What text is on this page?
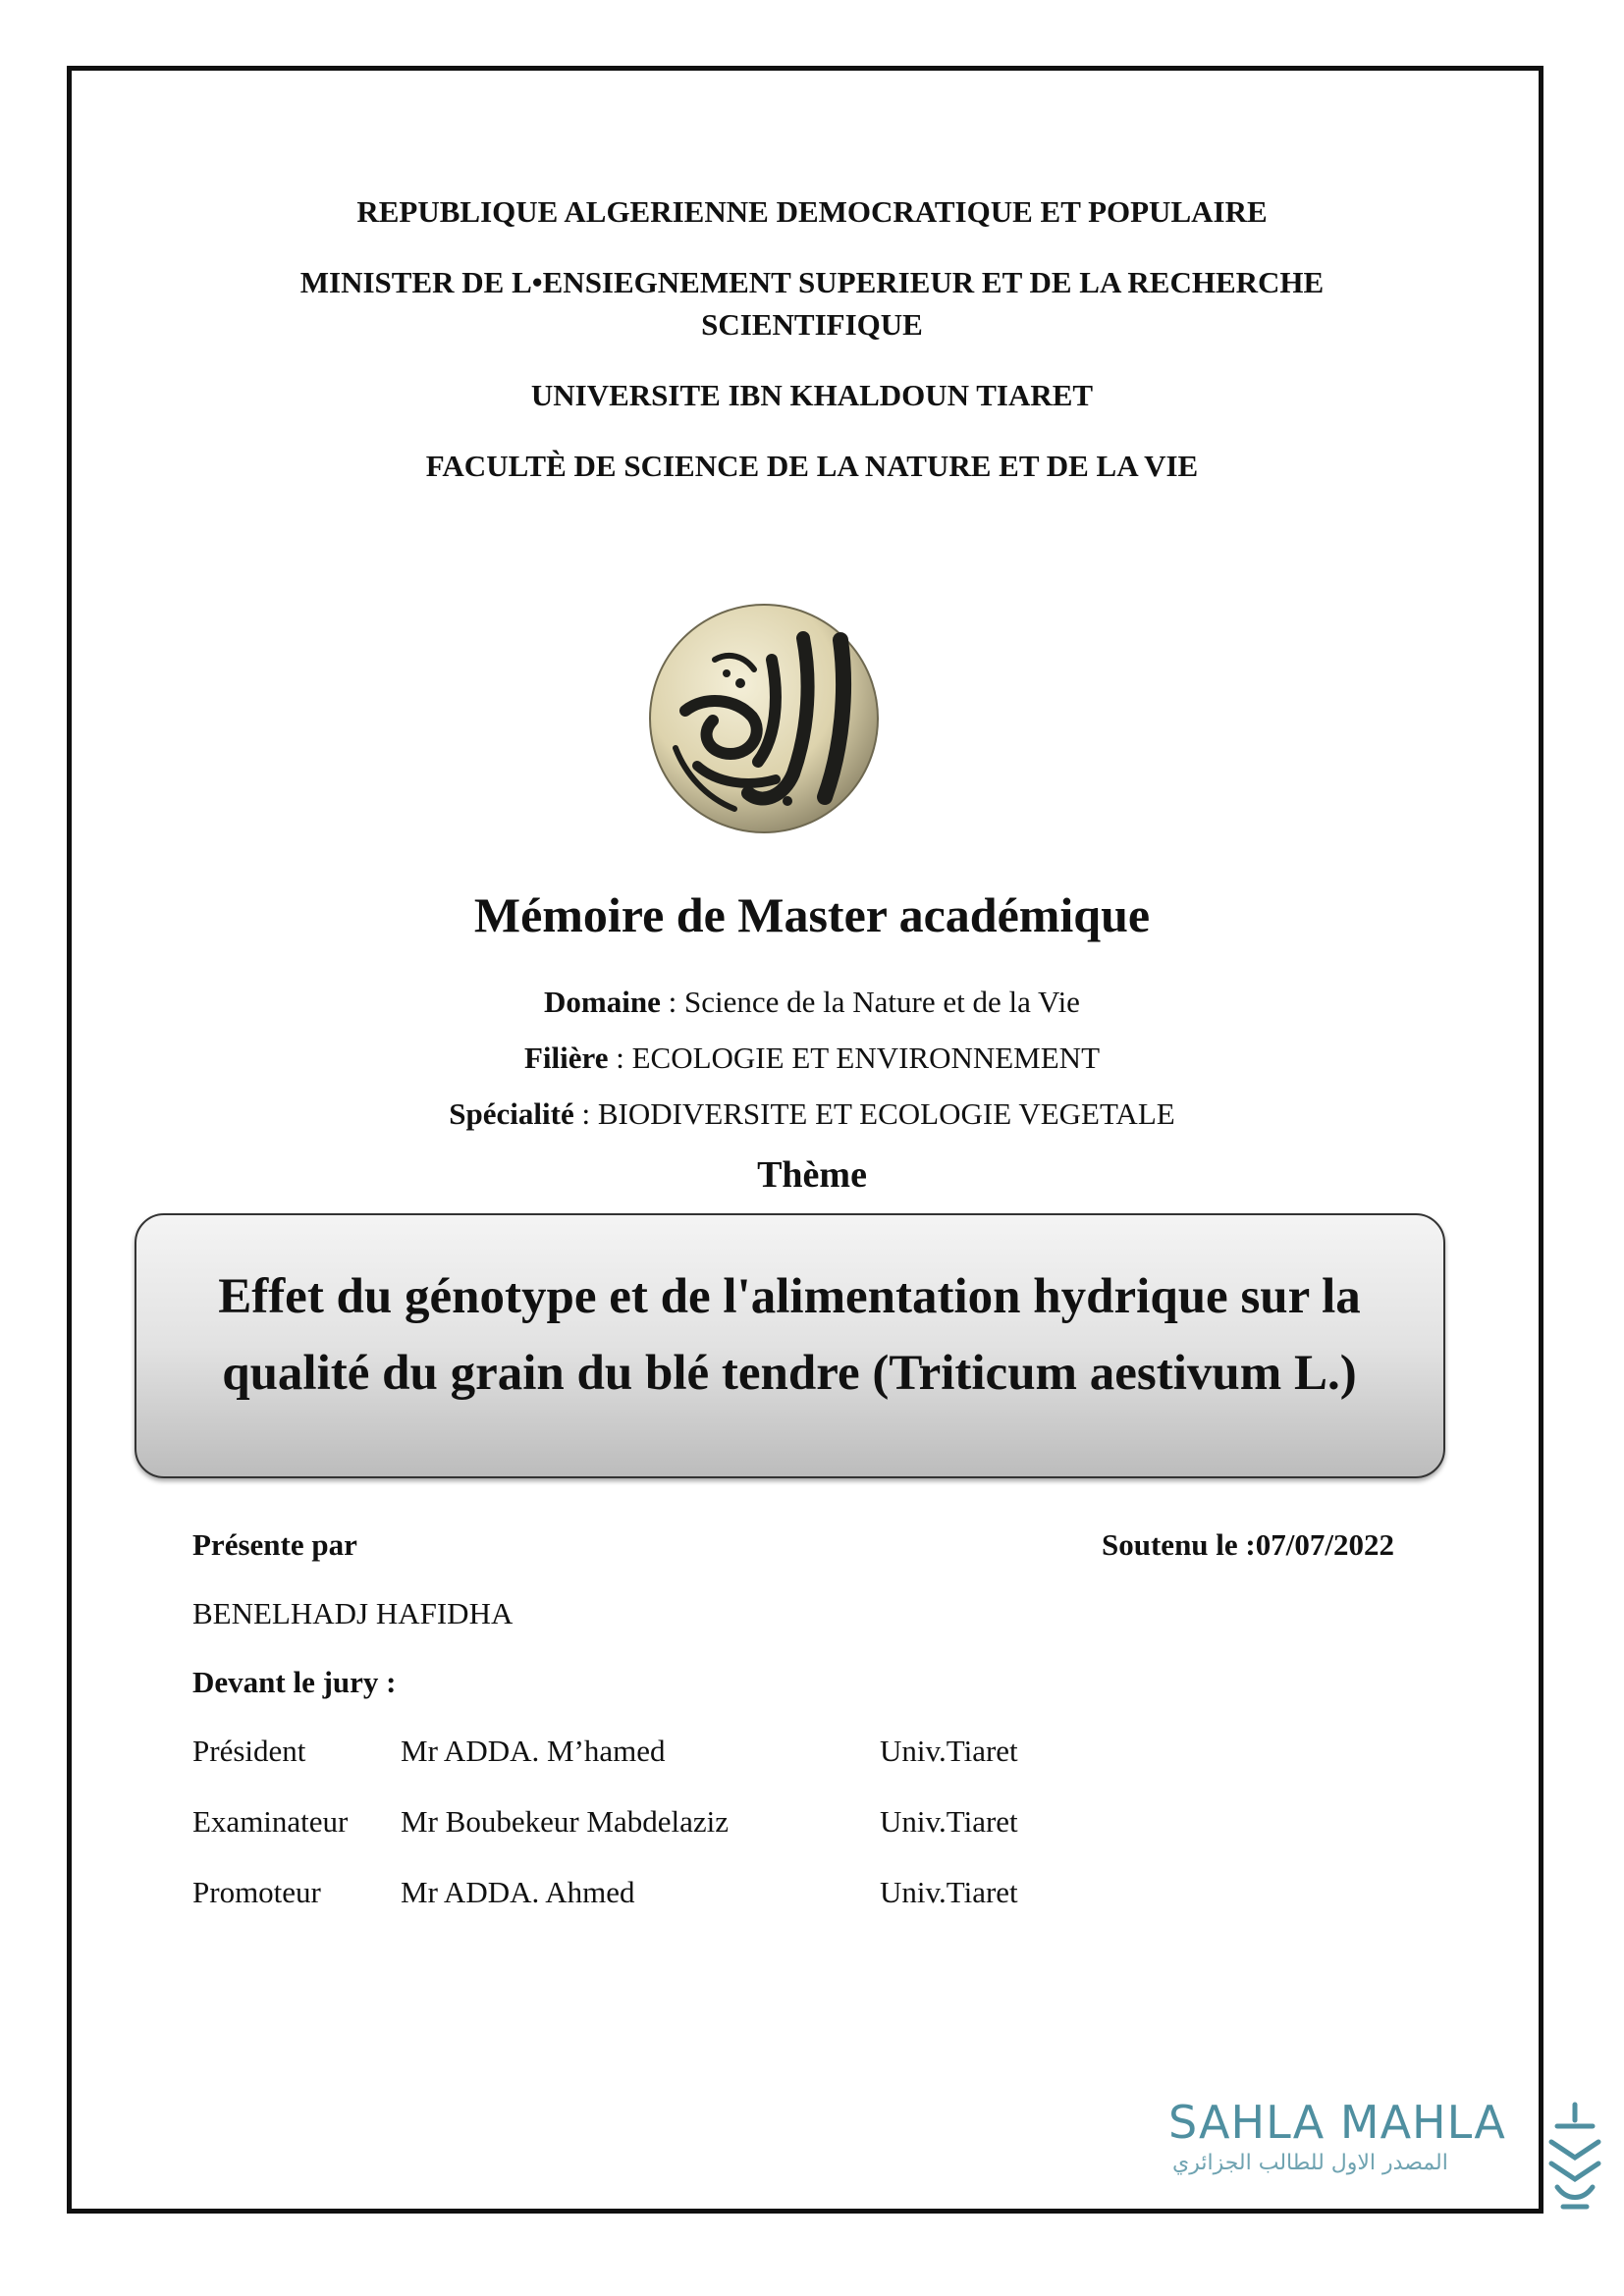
REPUBLIQUE ALGERIENNE DEMOCRATIQUE ET POPULAIRE
MINISTER DE L•ENSIEGNEMENT SUPERIEUR ET DE LA RECHERCHE
SCIENTIFIQUE
UNIVERSITE IBN KHALDOUN TIARET
FACULTÈ DE SCIENCE DE LA NATURE ET DE LA VIE
Mémoire de Master académique
Domaine : Science de la Nature et de la Vie
Filière : ECOLOGIE ET ENVIRONNEMENT
Spécialité : BIODIVERSITE ET ECOLOGIE VEGETALE
Thème
Effet du génotype et de l'alimentation hydrique sur la
qualité du grain du blé tendre (Triticum aestivum L.)
Présente par	Soutenu le :07/07/2022
BENELHADJ HAFIDHA
Devant le jury :
Président	Mr ADDA. M’hamed	Univ.Tiaret
Examinateur Mr Boubekeur Mabdelaziz	Univ.Tiaret
Promoteur	Mr ADDA. Ahmed	Univ.Tiaret
SAHLA MAHLA
المصدر الاول للطالب الجزائري
